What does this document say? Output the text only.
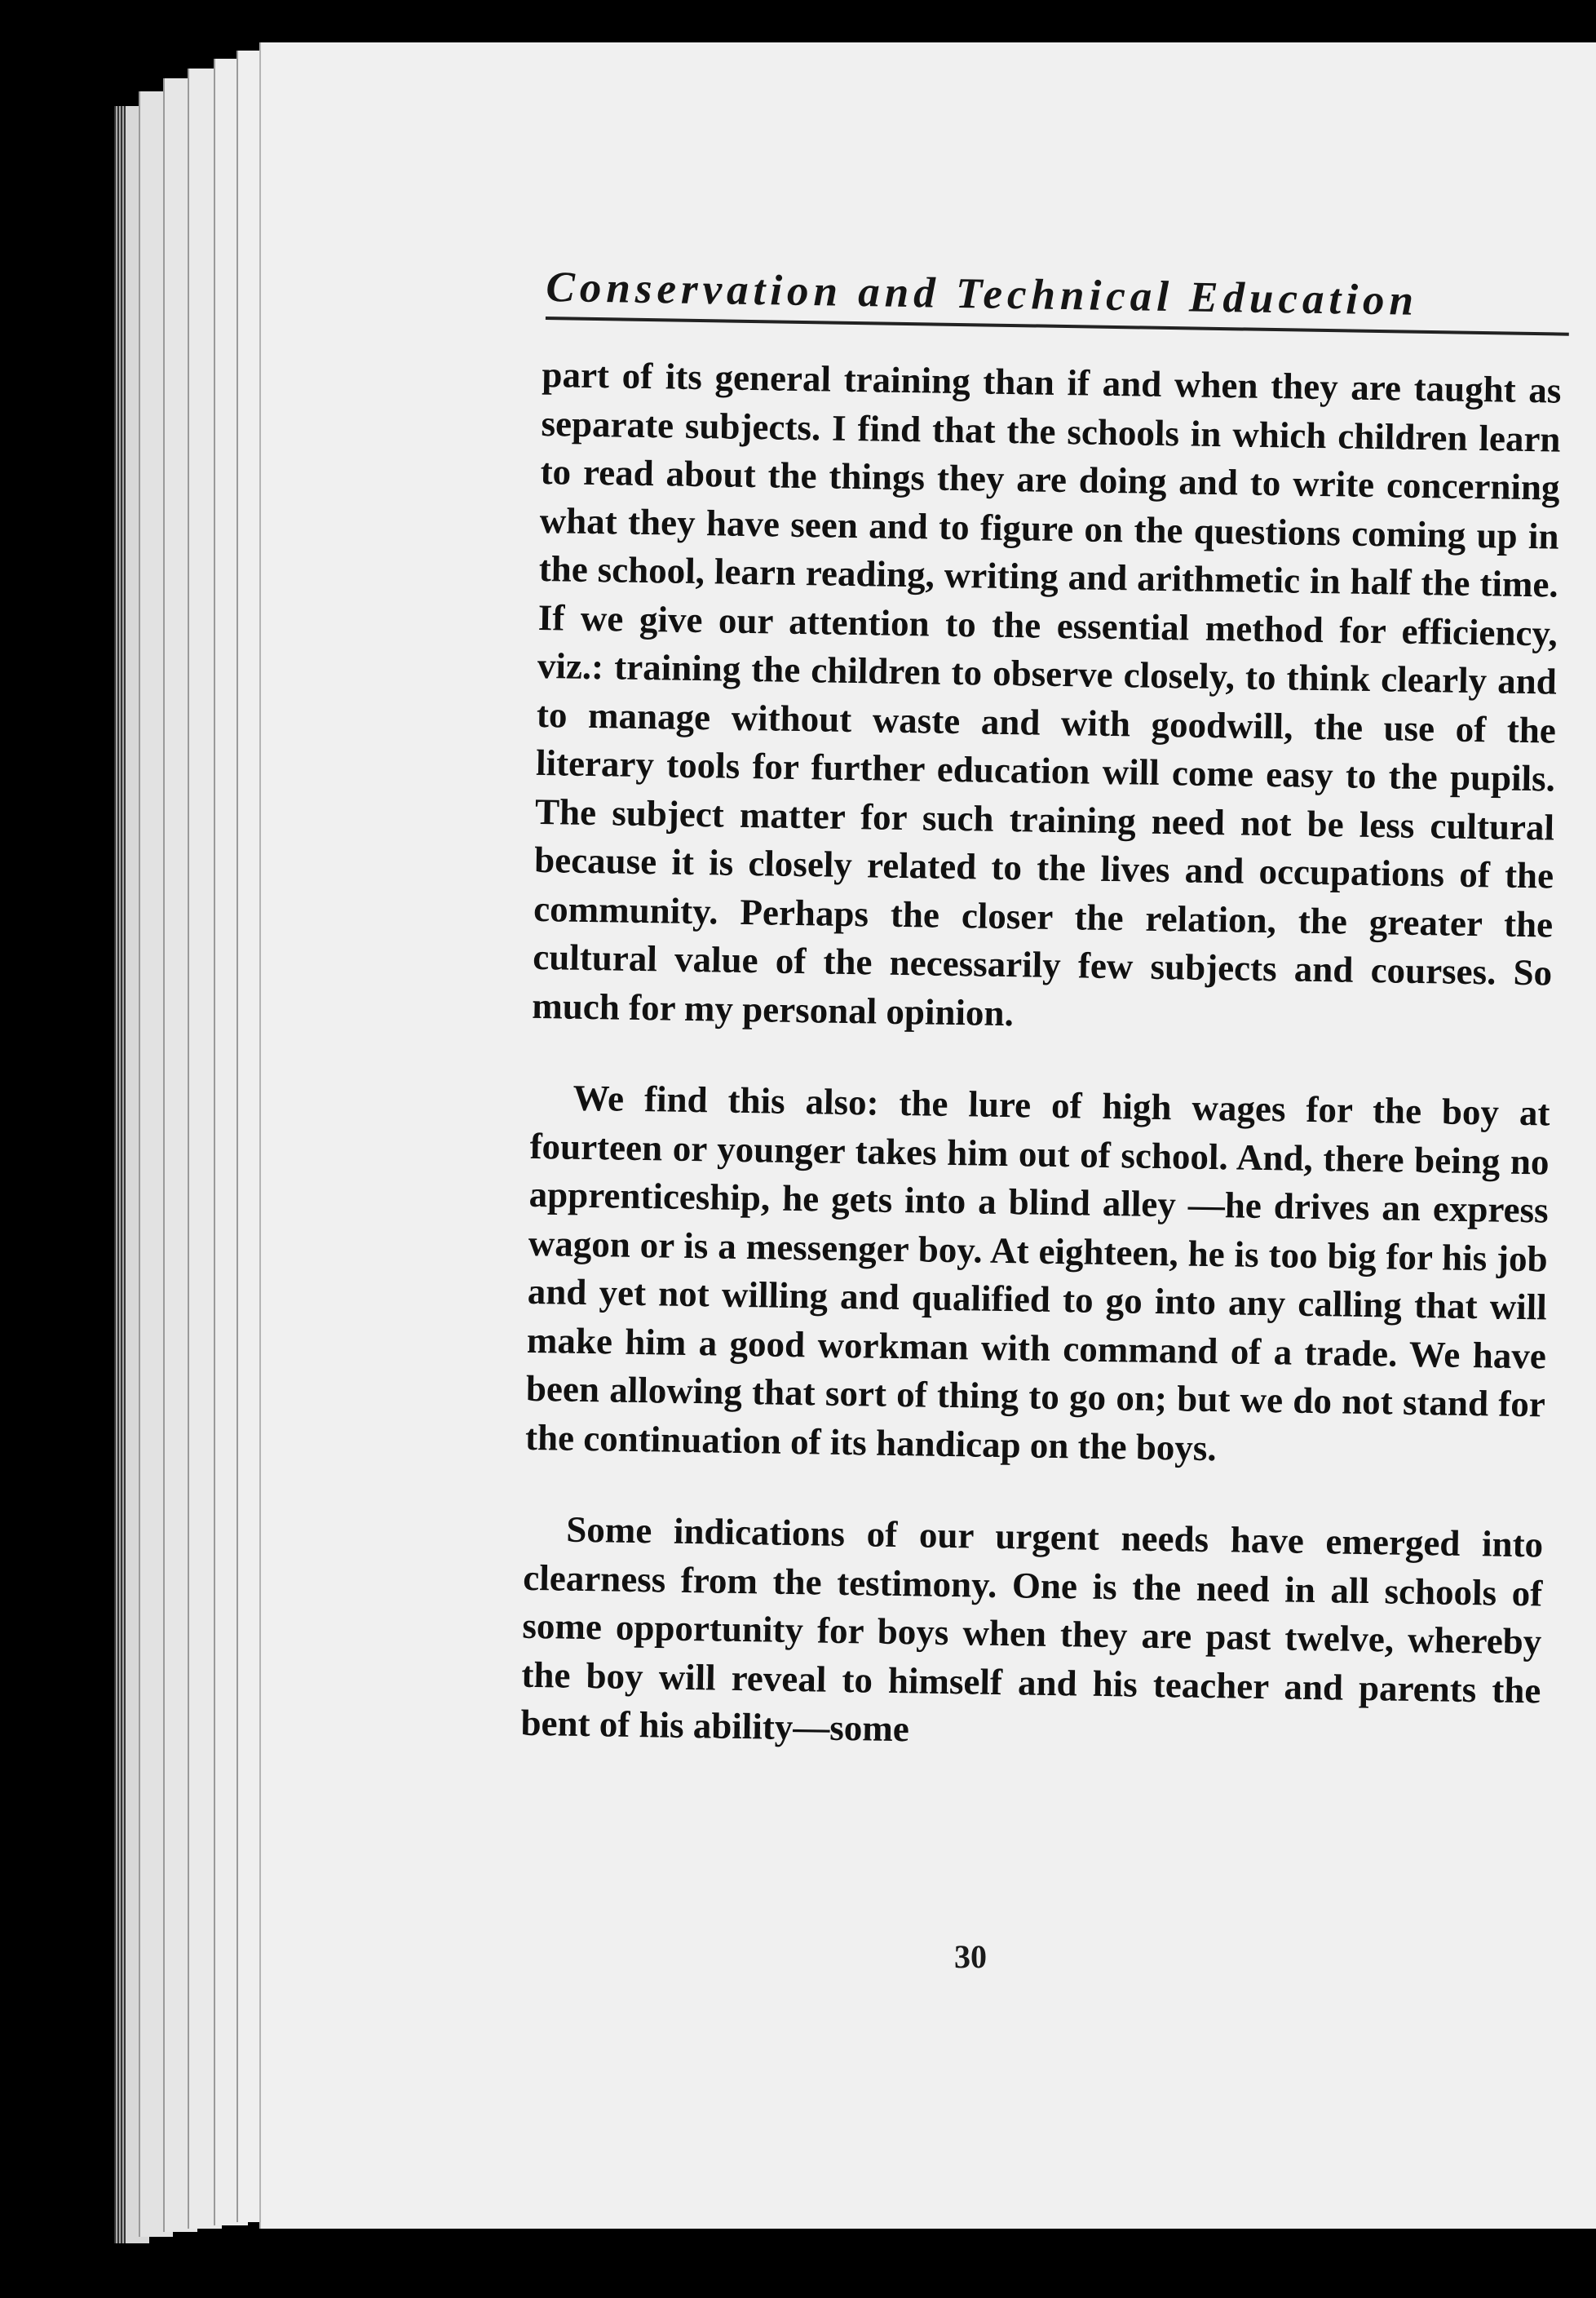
Conservation and Technical Education

part of its general training than if and when they are taught as separate subjects. I find that the schools in which children learn to read about the things they are doing and to write concerning what they have seen and to figure on the questions coming up in the school, learn reading, writing and arithmetic in half the time. If we give our attention to the essential method for efficiency, viz.: training the children to observe closely, to think clearly and to manage without waste and with goodwill, the use of the literary tools for further education will come easy to the pupils. The subject matter for such training need not be less cultural because it is closely related to the lives and occupations of the community. Perhaps the closer the relation, the greater the cultural value of the necessarily few subjects and courses. So much for my personal opinion.

We find this also: the lure of high wages for the boy at fourteen or younger takes him out of school. And, there being no apprenticeship, he gets into a blind alley —he drives an express wagon or is a messenger boy. At eighteen, he is too big for his job and yet not willing and qualified to go into any calling that will make him a good workman with command of a trade. We have been allowing that sort of thing to go on; but we do not stand for the continuation of its handicap on the boys.

Some indications of our urgent needs have emerged into clearness from the testimony. One is the need in all schools of some opportunity for boys when they are past twelve, whereby the boy will reveal to himself and his teacher and parents the bent of his ability—some

30
